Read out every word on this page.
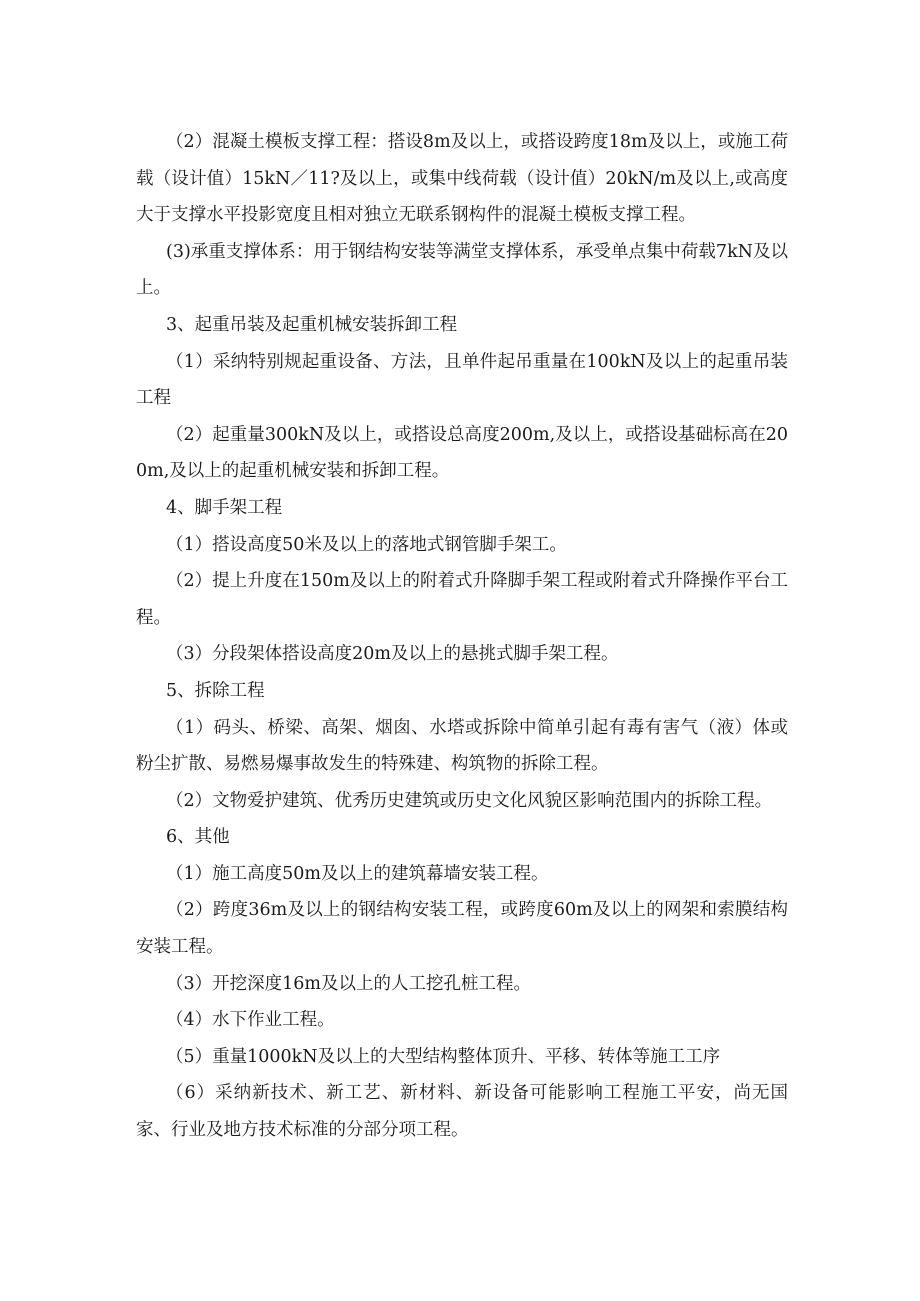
（2）混凝土模板支撑工程：搭设8m及以上，或搭设跨度18m及以上，或施工荷载（设计值）15kN／11?及以上，或集中线荷载（设计值）20kN/m及以上,或高度大于支撑水平投影宽度且相对独立无联系钢构件的混凝土模板支撑工程。

(3)承重支撑体系：用于钢结构安装等满堂支撑体系，承受单点集中荷载7kN及以上。

3、起重吊装及起重机械安装拆卸工程

（1）采纳特别规起重设备、方法，且单件起吊重量在100kN及以上的起重吊装工程

（2）起重量300kN及以上，或搭设总高度200m,及以上，或搭设基础标高在200m,及以上的起重机械安装和拆卸工程。

4、脚手架工程

（1）搭设高度50米及以上的落地式钢管脚手架工。

（2）提上升度在150m及以上的附着式升降脚手架工程或附着式升降操作平台工程。

（3）分段架体搭设高度20m及以上的悬挑式脚手架工程。

5、拆除工程

（1）码头、桥梁、高架、烟囱、水塔或拆除中简单引起有毒有害气（液）体或粉尘扩散、易燃易爆事故发生的特殊建、构筑物的拆除工程。

（2）文物爱护建筑、优秀历史建筑或历史文化风貌区影响范围内的拆除工程。

6、其他

（1）施工高度50m及以上的建筑幕墙安装工程。

（2）跨度36m及以上的钢结构安装工程，或跨度60m及以上的网架和索膜结构安装工程。

（3）开挖深度16m及以上的人工挖孔桩工程。

（4）水下作业工程。

（5）重量1000kN及以上的大型结构整体顶升、平移、转体等施工工序

（6）采纳新技术、新工艺、新材料、新设备可能影响工程施工平安，尚无国家、行业及地方技术标准的分部分项工程。
